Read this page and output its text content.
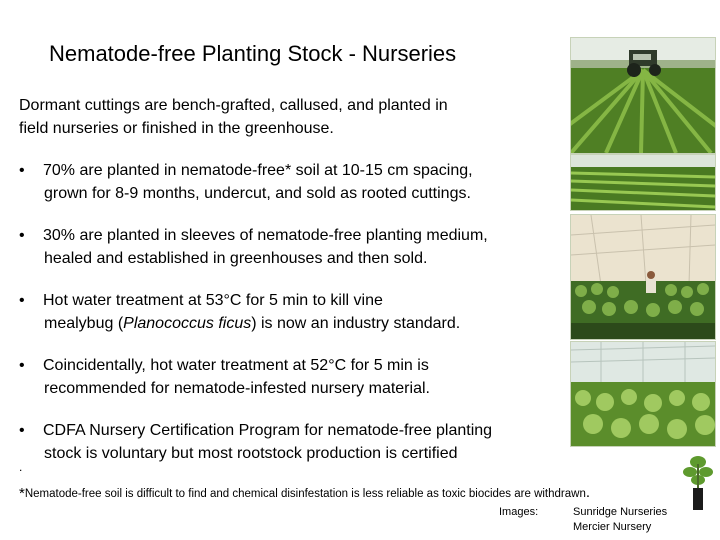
Nematode-free Planting Stock - Nurseries
Dormant cuttings are bench-grafted, callused, and planted in
field nurseries or finished in the greenhouse.
•	70% are planted in nematode-free* soil at 10-15 cm spacing,
grown for 8-9 months, undercut, and sold as rooted cuttings.
•	30% are planted in sleeves of nematode-free planting medium,
healed and established in greenhouses and then sold.
•	Hot water treatment at 53°C for 5 min to kill vine
mealybug (Planococcus ficus) is now an industry standard.
•	Coincidentally, hot water treatment at 52°C for 5 min is
recommended for nematode-infested nursery material.
•	CDFA Nursery Certification Program for nematode-free planting
stock is voluntary but most rootstock production is certified
.
*Nematode-free soil is difficult to find and chemical disinfestation is less reliable as toxic biocides are withdrawn.
Images:	Sunridge Nurseries
Mercier Nursery
